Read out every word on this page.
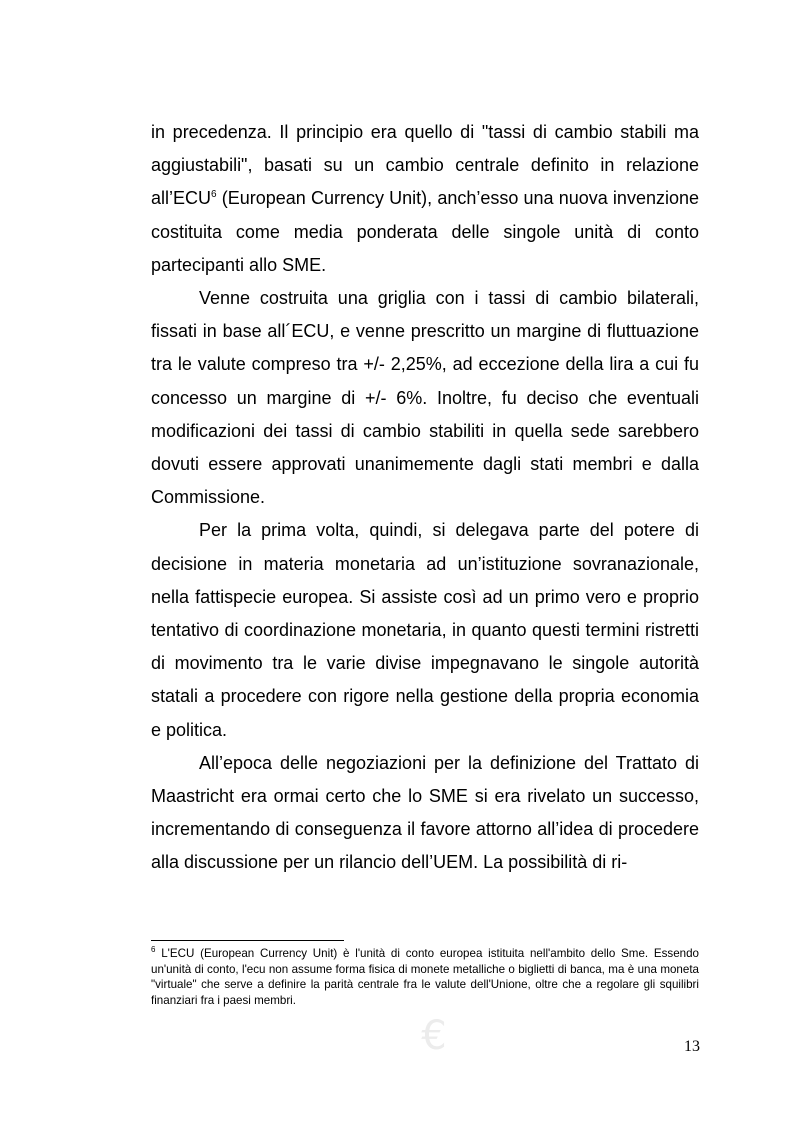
in precedenza. Il principio era quello di "tassi di cambio stabili ma aggiustabili", basati su un cambio centrale definito in relazione all’ECU$^6$ (European Currency Unit), anch’esso una nuova invenzione costituita come media ponderata delle singole unità di conto partecipanti allo SME.

Venne costruita una griglia con i tassi di cambio bilaterali, fissati in base all´ECU, e venne prescritto un margine di fluttuazione tra le valute compreso tra +/- 2,25%, ad eccezione della lira a cui fu concesso un margine di +/- 6%. Inoltre, fu deciso che eventuali modificazioni dei tassi di cambio stabiliti in quella sede sarebbero dovuti essere approvati unanimemente dagli stati membri e dalla Commissione.

Per la prima volta, quindi, si delegava parte del potere di decisione in materia monetaria ad un’istituzione sovranazionale, nella fattispecie europea. Si assiste così ad un primo vero e proprio tentativo di coordinazione monetaria, in quanto questi termini ristretti di movimento tra le varie divise impegnavano le singole autorità statali a procedere con rigore nella gestione della propria economia e politica.

All’epoca delle negoziazioni per la definizione del Trattato di Maastricht era ormai certo che lo SME si era rivelato un successo, incrementando di conseguenza il favore attorno all’idea di procedere alla discussione per un rilancio dell’UEM. La possibilità di ri-

$^6$ L'ECU (European Currency Unit) è l'unità di conto europea istituita nell'ambito dello Sme. Essendo un'unità di conto, l'ecu non assume forma fisica di monete metalliche o biglietti di banca, ma è una moneta "virtuale" che serve a definire la parità centrale fra le valute dell'Unione, oltre che a regolare gli squilibri finanziari fra i paesi membri.
€	13
